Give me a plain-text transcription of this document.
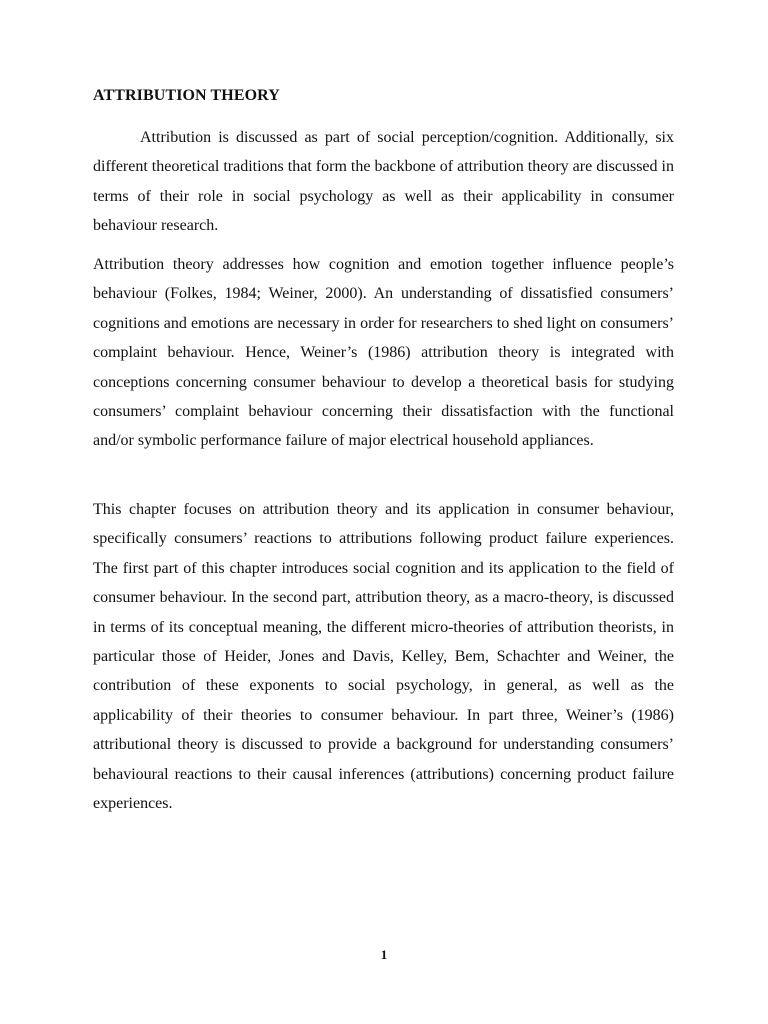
ATTRIBUTION THEORY

Attribution is discussed as part of social perception/cognition. Additionally, six different theoretical traditions that form the backbone of attribution theory are discussed in terms of their role in social psychology as well as their applicability in consumer behaviour research.

Attribution theory addresses how cognition and emotion together influence people’s behaviour (Folkes, 1984; Weiner, 2000). An understanding of dissatisfied consumers’ cognitions and emotions are necessary in order for researchers to shed light on consumers’ complaint behaviour. Hence, Weiner’s (1986) attribution theory is integrated with conceptions concerning consumer behaviour to develop a theoretical basis for studying consumers’ complaint behaviour concerning their dissatisfaction with the functional and/or symbolic performance failure of major electrical household appliances.

This chapter focuses on attribution theory and its application in consumer behaviour, specifically consumers’ reactions to attributions following product failure experiences. The first part of this chapter introduces social cognition and its application to the field of consumer behaviour. In the second part, attribution theory, as a macro-theory, is discussed in terms of its conceptual meaning, the different micro-theories of attribution theorists, in particular those of Heider, Jones and Davis, Kelley, Bem, Schachter and Weiner, the contribution of these exponents to social psychology, in general, as well as the applicability of their theories to consumer behaviour. In part three, Weiner’s (1986) attributional theory is discussed to provide a background for understanding consumers’ behavioural reactions to their causal inferences (attributions) concerning product failure experiences.

1
